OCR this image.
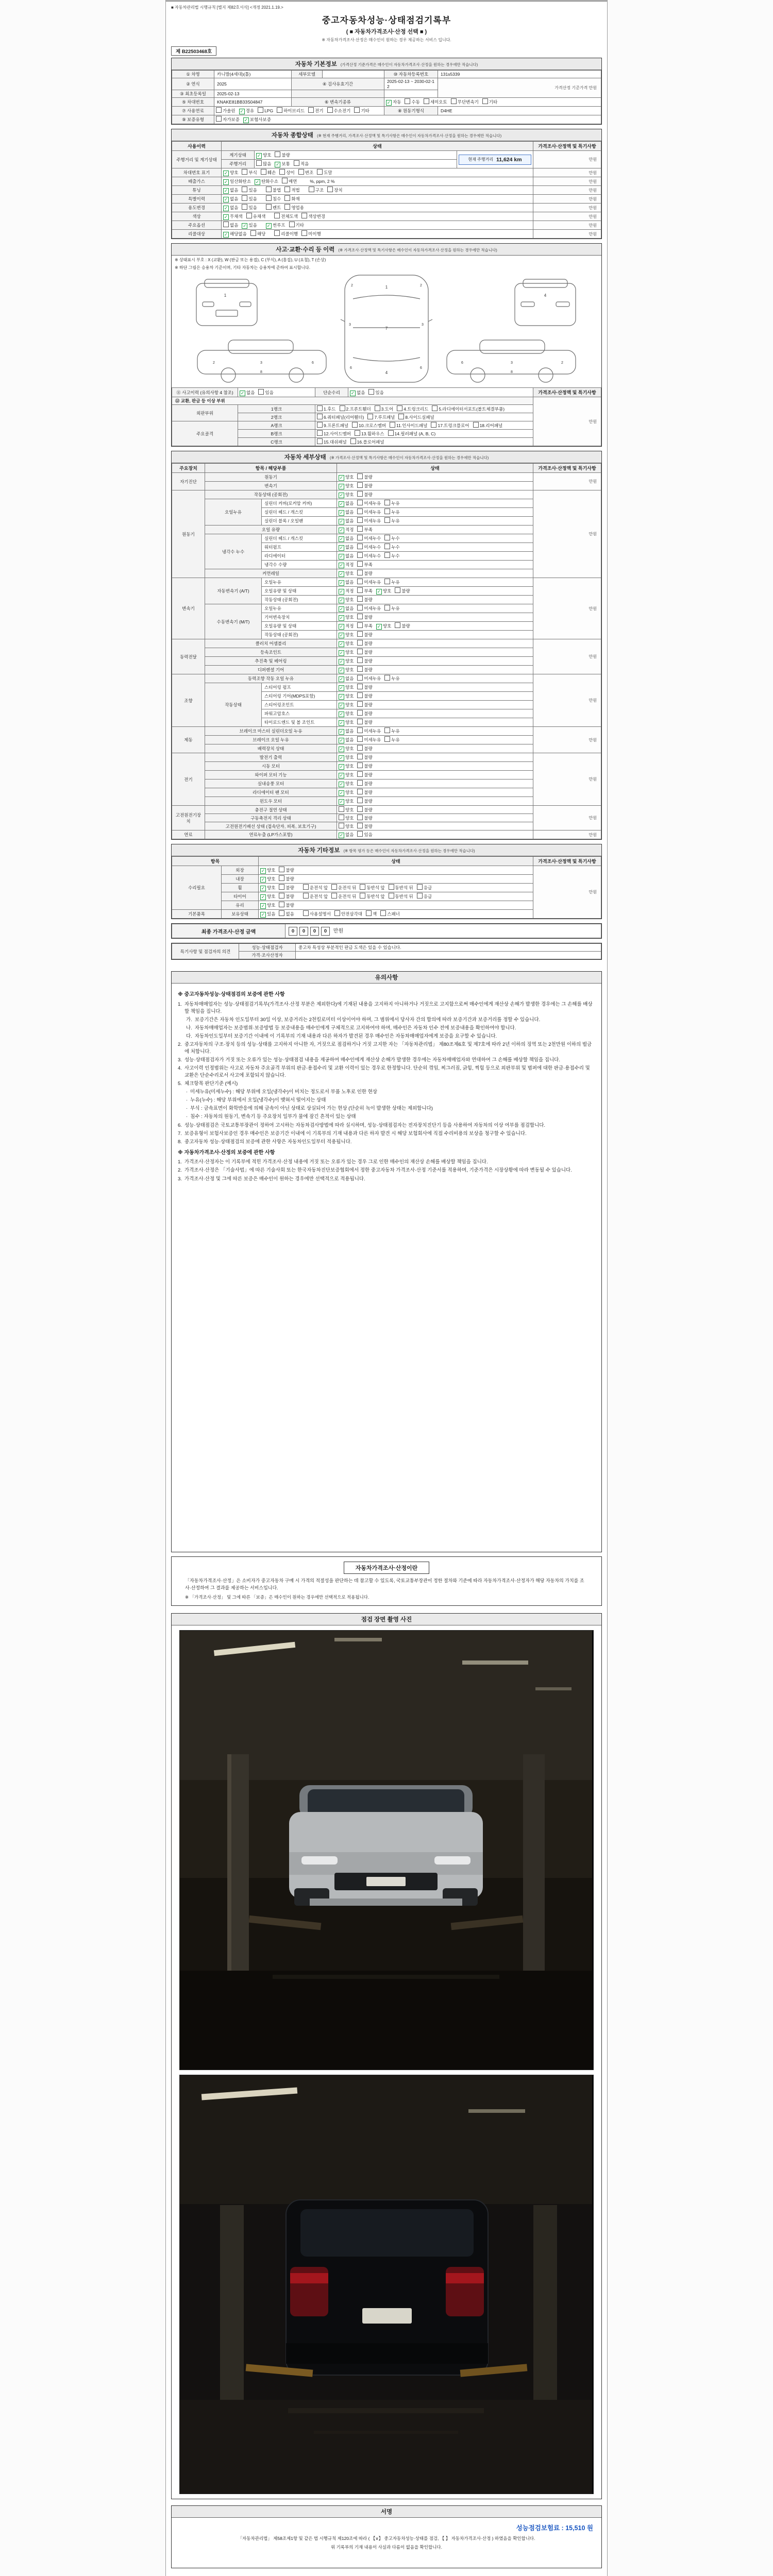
■ 자동차관리법 시행규칙 [별지 제82호서식] <개정 2021.1.19.>
중고자동차성능·상태점검기록부
( ■ 자동차가격조사·산정 선택 ■ )
※ 자동차가격조사·산정은 매수인이 원하는 경우 제공하는 서비스 입니다.
제 B22503468호
자동차 기본정보 (가격산정 기준가격은 매수인이 자동차가격조사·산정을 원하는 경우에만 적습니다)
① 차명	카니발(4세대)(톨)	세부모델		⑩ 자동차등록번호	131s5339
② 연식	2025	④ 검사유효기간		2025-02-13 ~ 2030-02-12	가격산정 기준가격 만원
③ 최초등록일	2025-02-13				
⑤ 차대번호	KNAKE81BB33S04847	⑥ 변속기종류		✓ 자동 수동 세미오토 무단변속기 기타	
⑦ 사용연료	가솔린 ✓ 경유 LPG 하이브리드 전기 수소전기 기타			⑧ 원동기형식	D4HE
⑨ 보증유형	자가보증 ✓ 보험사보증				
자동차 종합상태 (※ 현재 주행거리, 가격조사·산정액 및 특기사항은 매수인이 자동차가격조사·산정을 원하는 경우에만 적습니다)
사용이력	상태			가격조사·산정액 및 특기사항
주행거리 및 계기상태	계기상태	✓ 양호 불량	현재 주행거리 11,624 km	만원
	주행거리	많음 ✓ 보통 적음		
차대번호 표기	✓ 양호 부식 훼손 상이 변조 도말			만원
배출가스	✓ 일산화탄소 ✓ 탄화수소 매연 %, ppm, 2 %			만원
튜닝	✓ 없음 있음 불법 적법 구조 장치			만원
특별이력	✓ 없음 있음 침수 화재			만원
용도변경	✓ 없음 있음 렌트 영업용			만원
색상	✓ 무채색 유채색 전체도색 색상변경			만원
주요옵션	없음 ✓ 있음 ✓ 썬루프 기타			만원
리콜대상	✓ 해당없음 해당 리콜이행 미이행			만원
사고·교환·수리 등 이력 (※ 가격조사·산정액 및 특기사항은 매수인이 자동차가격조사·산정을 원하는 경우에만 적습니다)
※ 상태표시 부호 : X (교환), W (판금 또는 용접), C (부식), A (흠집), U (요철), T (손상)
※ 하단 그림은 승용차 기준이며, 기타 자동차는 승용차에 준하여 표시합니다.
1
1
7
4
2	2
3	3
6	6
4
2	3	6
8
6	3	2
8
⑪ 사고이력 (유의사항 4 참조)	✓ 없음 있음	단순수리	✓ 없음 있음	가격조사·산정액 및 특기사항
⑫ 교환, 판금 등 이상 부위				만원
외판부위	1랭크	1.후드 2.프론트휀더 3.도어 4.트렁크리드 5.라디에이터서포트(볼트체결부품)		
	2랭크	6.쿼터패널(리어휀더) 7.루프패널 8.사이드실패널		
주요골격	A랭크	9.프론트패널 10.크로스멤버 11.인사이드패널 17.트렁크플로어 18.리어패널		
	B랭크	12.사이드멤버 13.휠하우스 14.필러패널 (A, B, C)		
	C랭크	15.대쉬패널 16.플로어패널		
자동차 세부상태 (※ 가격조사·산정액 및 특기사항은 매수인이 자동차가격조사·산정을 원하는 경우에만 적습니다)
주요장치	항목 / 해당부품		상태	가격조사·산정액 및 특기사항
자기진단	원동기		✓ 양호 불량	만원
	변속기		✓ 양호 불량	
원동기	작동상태 (공회전)		✓ 양호 불량	만원
	오일누유	실린더 커버(로커암 커버)	✓ 없음 미세누유 누유	
		실린더 헤드 / 개스킷	✓ 없음 미세누유 누유	
		실린더 블록 / 오일팬	✓ 없음 미세누유 누유	
	오일 유량		✓ 적정 부족	
	냉각수 누수	실린더 헤드 / 개스킷	✓ 없음 미세누수 누수	
		워터펌프	✓ 없음 미세누수 누수	
		라디에이터	✓ 없음 미세누수 누수	
		냉각수 수량	✓ 적정 부족	
	커먼레일		✓ 양호 불량	
변속기	자동변속기 (A/T)	오일누유	✓ 없음 미세누유 누유	만원
		오일유량 및 상태	✓ 적정 부족 ✓ 양호 불량	
		작동상태 (공회전)	✓ 양호 불량	
	수동변속기 (M/T)	오일누유	✓ 없음 미세누유 누유	
		기어변속장치	✓ 양호 불량	
		오일유량 및 상태	✓ 적정 부족 ✓ 양호 불량	
		작동상태 (공회전)	✓ 양호 불량	
동력전달	클러치 어셈블리		✓ 양호 불량	만원
	등속조인트		✓ 양호 불량	
	추진축 및 베어링		✓ 양호 불량	
	디퍼렌셜 기어		✓ 양호 불량	
조향	동력조향 작동 오일 누유		✓ 없음 미세누유 누유	만원
	작동상태	스티어링 펌프	✓ 양호 불량	
		스티어링 기어(MDPS포함)	✓ 양호 불량	
		스티어링조인트	✓ 양호 불량	
		파워고압호스	✓ 양호 불량	
		타이로드엔드 및 볼 조인트	✓ 양호 불량	
제동	브레이크 마스터 실린더오일 누유		✓ 없음 미세누유 누유	만원
	브레이크 오일 누유		✓ 없음 미세누유 누유	
	배력장치 상태		✓ 양호 불량	
전기	발전기 출력		✓ 양호 불량	만원
	시동 모터		✓ 양호 불량	
	와이퍼 모터 기능		✓ 양호 불량	
	실내송풍 모터		✓ 양호 불량	
	라디에이터 팬 모터		✓ 양호 불량	
	윈도우 모터		✓ 양호 불량	
고전원전기장치	충전구 절연 상태		양호 불량	만원
	구동축전지 격리 상태		양호 불량	
	고전원전기배선 상태 (접속단자, 피복, 보호기구)		양호 불량	
연료	연료누출 (LP가스포함)		✓ 없음 있음	만원
자동차 기타정보 (※ 항목 평가 등은 매수인이 자동차가격조사·산정을 원하는 경우에만 적습니다)
항목		상태	가격조사·산정액 및 특기사항
수리필요	외장	✓ 양호 불량	만원
	내장	✓ 양호 불량	
	휠	✓ 양호 불량 운전석 앞 운전석 뒤 동반석 앞 동반석 뒤 응급	
	타이어	✓ 양호 불량 운전석 앞 운전석 뒤 동반석 앞 동반석 뒤 응급	
	유리	✓ 양호 불량	
기본품목	보유상태	✓ 있음 없음 사용설명서 안전삼각대 잭 스패너	
최종 가격조사·산정 금액	0 0 0 0 만원
특기사항 및 점검자의 의견	성능·상태점검자	중고차 특성상 부분적인 판금 도색은 있을 수 있습니다.
	가격·조사산정자	
유의사항
※ 중고자동차성능·상태점검의 보증에 관한 사항
1. 자동차매매업자는 성능·상태점검기록부(가격조사·산정 부분은 제외한다)에 기재된 내용을 고지하지 아니하거나 거짓으로 고지함으로써 매수인에게 재산상 손해가 발생한 경우에는 그 손해를 배상할 책임을 집니다.
가. 보증기간은 자동차 인도일부터 30일 이상, 보증거리는 2천킬로미터 이상이어야 하며, 그 범위에서 당사자 간의 합의에 따라 보증기간과 보증거리를 정할 수 있습니다.
나. 자동차매매업자는 보증범위·보증방법 등 보증내용을 매수인에게 구체적으로 고지하여야 하며, 매수인은 자동차 인수 전에 보증내용을 확인하여야 합니다.
다. 자동차인도일부터 보증기간 이내에 이 기록부의 기재 내용과 다른 하자가 발견된 경우 매수인은 자동차매매업자에게 보증을 요구할 수 있습니다.
2. 중고자동차의 구조·장치 등의 성능·상태를 고지하지 아니한 자, 거짓으로 점검하거나 거짓 고지한 자는 「자동차관리법」 제80조제6호 및 제7호에 따라 2년 이하의 징역 또는 2천만원 이하의 벌금에 처합니다.
3. 성능·상태점검자가 거짓 또는 오류가 있는 성능·상태점검 내용을 제공하여 매수인에게 재산상 손해가 발생한 경우에는 자동차매매업자와 연대하여 그 손해를 배상할 책임을 집니다.
4. 사고이력 인정범위는 사고로 자동차 주요골격 부위의 판금·용접수리 및 교환 이력이 있는 경우로 한정합니다. 단순히 꺾임, 찌그러짐, 긁힘, 찍힘 등으로 외판부위 및 범퍼에 대한 판금·용접수리 및 교환은 단순수리로서 사고에 포함되지 않습니다.
5. 체크항목 판단기준 (예시)
· 미세누유(미세누수) : 해당 부위에 오일(냉각수)이 비치는 정도로서 부품 노후로 인한 현상
· 누유(누수) : 해당 부위에서 오일(냉각수)이 맺혀서 떨어지는 상태
· 부식 : 금속표면이 화학반응에 의해 금속이 아닌 상태로 상실되어 가는 현상 (단순히 녹이 발생한 상태는 제외합니다)
· 침수 : 자동차의 원동기, 변속기 등 주요장치 일부가 물에 잠긴 흔적이 있는 상태
6. 성능·상태점검은 국토교통부장관이 정하여 고시하는 자동차검사방법에 따라 실시하며, 성능·상태점검자는 전자장치진단기 등을 사용하여 자동차의 이상 여부를 점검합니다.
7. 보증유형이 보험사보증인 경우 매수인은 보증기간 이내에 이 기록부의 기재 내용과 다른 하자 발견 시 해당 보험회사에 직접 수리비용의 보상을 청구할 수 있습니다.
8. 중고자동차 성능·상태점검의 보증에 관한 사항은 자동차인도일부터 적용됩니다.
※ 자동차가격조사·산정의 보증에 관한 사항
1. 가격조사·산정자는 이 기록부에 적힌 가격조사·산정 내용에 거짓 또는 오류가 있는 경우 그로 인한 매수인의 재산상 손해를 배상할 책임을 집니다.
2. 가격조사·산정은 「기술사법」에 따른 기술사회 또는 한국자동차진단보증협회에서 정한 중고자동차 가격조사·산정 기준서를 적용하며, 기준가격은 시장상황에 따라 변동될 수 있습니다.
3. 가격조사·산정 및 그에 따른 보증은 매수인이 원하는 경우에만 선택적으로 적용됩니다.
자동차가격조사·산정이란
「자동차가격조사·산정」은 소비자가 중고자동차 구매 시 가격의 적절성을 판단하는 데 참고할 수 있도록, 국토교통부장관이 정한 절차와 기준에 따라 자동차가격조사·산정자가 해당 자동차의 가치를 조사·산정하여 그 결과를 제공하는 서비스입니다.
※ 「가격조사·산정」 및 그에 따른 「보증」은 매수인이 원하는 경우에만 선택적으로 적용됩니다.
점검 장면 촬영 사진
서명
성능점검보험료 : 15,510 원
「자동차관리법」 제58조제1항 및 같은 법 시행규칙 제120조에 따라 ( 【∨】 중고자동차성능·상태를 점검, 【 】 자동차가격조사·산정 ) 하였음을 확인합니다.
위 기록부의 기재 내용이 사실과 다름이 없음을 확인합니다.
